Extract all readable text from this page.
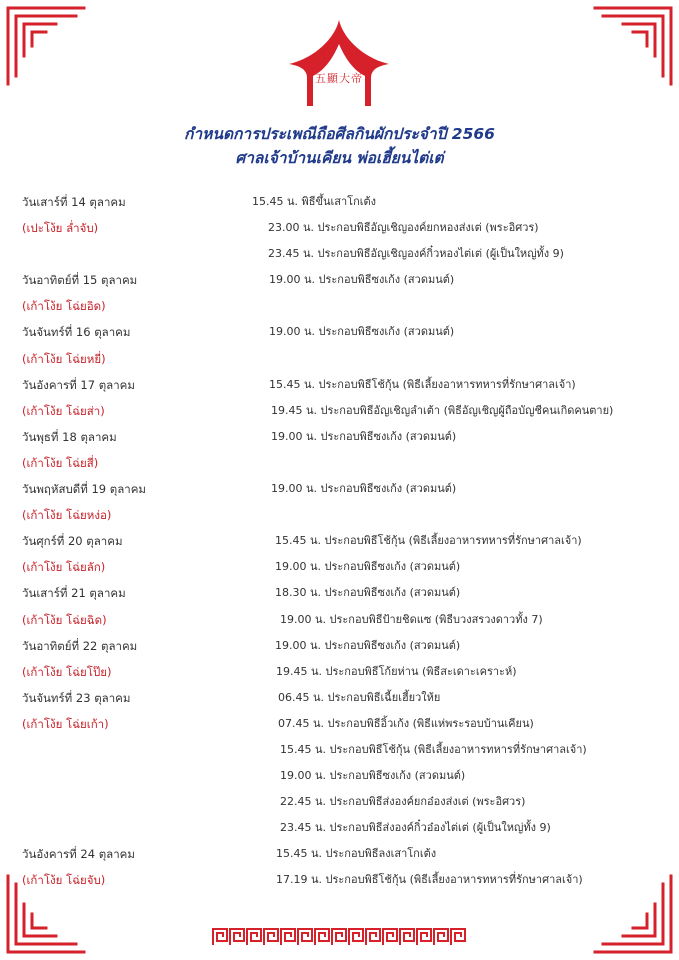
五顯大帝
กำหนดการประเพณีถือศีลกินผักประจำปี 2566
ศาลเจ้าบ้านเคียน พ่อเฮี้ยนไต่เต่
วันเสาร์ที่ 14 ตุลาคม	15.45 น. พิธีขึ้นเสาโกเต้ง
(เปะโง้ย ล่ำจับ)	23.00 น. ประกอบพิธีอัญเชิญองค์ยกหองส่งเต่ (พระอิศวร)
23.45 น. ประกอบพิธีอัญเชิญองค์กิ๋วหองไต่เต่ (ผู้เป็นใหญ่ทั้ง 9)
วันอาทิตย์ที่ 15 ตุลาคม	19.00 น. ประกอบพิธีซงเก้ง (สวดมนต์)
(เก้าโง้ย โฉ่ยอิด)
วันจันทร์ที่ 16 ตุลาคม	19.00 น. ประกอบพิธีซงเก้ง (สวดมนต์)
(เก้าโง้ย โฉ่ยหยี่)
วันอังคารที่ 17 ตุลาคม	15.45 น. ประกอบพิธีโช้กุ้น (พิธีเลี้ยงอาหารทหารที่รักษาศาลเจ้า)
(เก้าโง้ย โฉ่ยส่า)	19.45 น. ประกอบพิธีอัญเชิญลำเต้า (พิธีอัญเชิญผู้ถือบัญชีคนเกิดคนตาย)
วันพุธที่ 18 ตุลาคม	19.00 น. ประกอบพิธีซงเก้ง (สวดมนต์)
(เก้าโง้ย โฉ่ยสี่)
วันพฤหัสบดีที่ 19 ตุลาคม	19.00 น. ประกอบพิธีซงเก้ง (สวดมนต์)
(เก้าโง้ย โฉ่ยหง่อ)
วันศุกร์ที่ 20 ตุลาคม	15.45 น. ประกอบพิธีโช้กุ้น (พิธีเลี้ยงอาหารทหารที่รักษาศาลเจ้า)
(เก้าโง้ย โฉ่ยลัก)	19.00 น. ประกอบพิธีซงเก้ง (สวดมนต์)
วันเสาร์ที่ 21 ตุลาคม	18.30 น. ประกอบพิธีซงเก้ง (สวดมนต์)
(เก้าโง้ย โฉ่ยฉิด)	19.00 น. ประกอบพิธีป้ายชิดแซ (พิธีบวงสรวงดาวทั้ง 7)
วันอาทิตย์ที่ 22 ตุลาคม	19.00 น. ประกอบพิธีซงเก้ง (สวดมนต์)
(เก้าโง้ย โฉ่ยโป๊ย)	19.45 น. ประกอบพิธีโก้ยห่าน (พิธีสะเดาะเคราะห์)
วันจันทร์ที่ 23 ตุลาคม	06.45 น. ประกอบพิธีเฉี้ยเฮี้ยวให้ย
(เก้าโง้ย โฉ่ยเก้า)	07.45 น. ประกอบพิธีอิ้วเก้ง (พิธีแห่พระรอบบ้านเคียน)
15.45 น. ประกอบพิธีโช้กุ้น (พิธีเลี้ยงอาหารทหารที่รักษาศาลเจ้า)
19.00 น. ประกอบพิธีซงเก้ง (สวดมนต์)
22.45 น. ประกอบพิธีส่งองค์ยกอ๋องส่งเต่ (พระอิศวร)
23.45 น. ประกอบพิธีส่งองค์กิ๋วอ๋องไต่เต่ (ผู้เป็นใหญ่ทั้ง 9)
วันอังคารที่ 24 ตุลาคม	15.45 น. ประกอบพิธีลงเสาโกเต้ง
(เก้าโง้ย โฉ่ยจับ)	17.19 น. ประกอบพิธีโช้กุ้น (พิธีเลี้ยงอาหารทหารที่รักษาศาลเจ้า)
